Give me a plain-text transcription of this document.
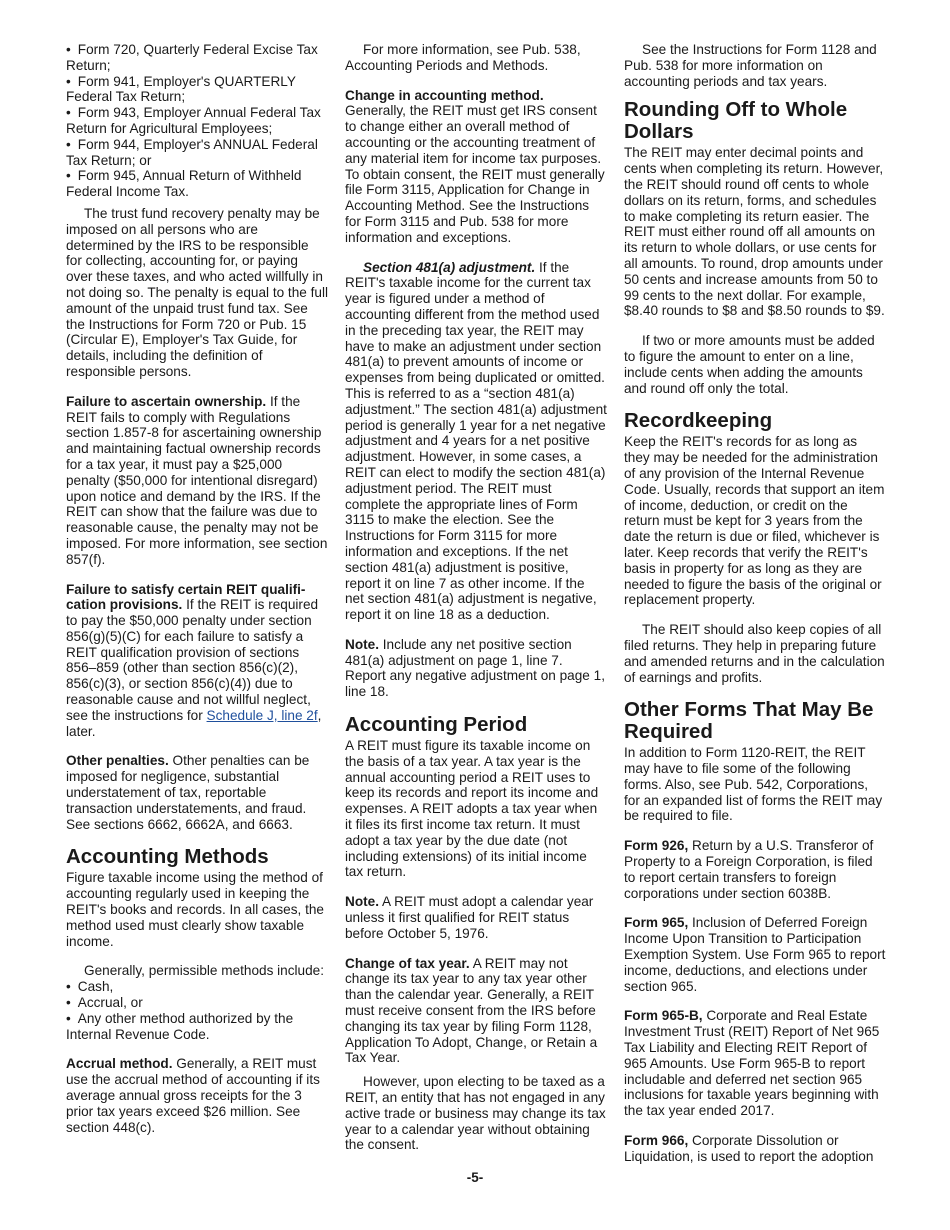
• Form 720, Quarterly Federal Excise Tax Return;

• Form 941, Employer's QUARTERLY Federal Tax Return;

• Form 943, Employer Annual Federal Tax Return for Agricultural Employees;

• Form 944, Employer's ANNUAL Federal Tax Return; or

• Form 945, Annual Return of Withheld Federal Income Tax.

The trust fund recovery penalty may be imposed on all persons who are determined by the IRS to be responsible for collecting, accounting for, or paying over these taxes, and who acted willfully in not doing so. The penalty is equal to the full amount of the unpaid trust fund tax. See the Instructions for Form 720 or Pub. 15 (Circular E), Employer's Tax Guide, for details, including the definition of responsible persons.

Failure to ascertain ownership. If the REIT fails to comply with Regulations section 1.857-8 for ascertaining ownership and maintaining factual ownership records for a tax year, it must pay a $25,000 penalty ($50,000 for intentional disregard) upon notice and demand by the IRS. If the REIT can show that the failure was due to reasonable cause, the penalty may not be imposed. For more information, see section 857(f).

Failure to satisfy certain REIT qualifi-cation provisions. If the REIT is required to pay the $50,000 penalty under section 856(g)(5)(C) for each failure to satisfy a REIT qualification provision of sections 856–859 (other than section 856(c)(2), 856(c)(3), or section 856(c)(4)) due to reasonable cause and not willful neglect, see the instructions for Schedule J, line 2f, later.

Other penalties. Other penalties can be imposed for negligence, substantial understatement of tax, reportable transaction understatements, and fraud. See sections 6662, 6662A, and 6663.

Accounting Methods

Figure taxable income using the method of accounting regularly used in keeping the REIT's books and records. In all cases, the method used must clearly show taxable income.

Generally, permissible methods include:

• Cash,

• Accrual, or

• Any other method authorized by the Internal Revenue Code.

Accrual method. Generally, a REIT must use the accrual method of accounting if its average annual gross receipts for the 3 prior tax years exceed $26 million. See section 448(c).

For more information, see Pub. 538, Accounting Periods and Methods.

Change in accounting method.
Generally, the REIT must get IRS consent to change either an overall method of accounting or the accounting treatment of any material item for income tax purposes. To obtain consent, the REIT must generally file Form 3115, Application for Change in Accounting Method. See the Instructions for Form 3115 and Pub. 538 for more information and exceptions.

Section 481(a) adjustment. If the REIT's taxable income for the current tax year is figured under a method of accounting different from the method used in the preceding tax year, the REIT may have to make an adjustment under section 481(a) to prevent amounts of income or expenses from being duplicated or omitted. This is referred to as a “section 481(a) adjustment.” The section 481(a) adjustment period is generally 1 year for a net negative adjustment and 4 years for a net positive adjustment. However, in some cases, a REIT can elect to modify the section 481(a) adjustment period. The REIT must complete the appropriate lines of Form 3115 to make the election. See the Instructions for Form 3115 for more information and exceptions. If the net section 481(a) adjustment is positive, report it on line 7 as other income. If the net section 481(a) adjustment is negative, report it on line 18 as a deduction.

Note. Include any net positive section 481(a) adjustment on page 1, line 7. Report any negative adjustment on page 1, line 18.

Accounting Period

A REIT must figure its taxable income on the basis of a tax year. A tax year is the annual accounting period a REIT uses to keep its records and report its income and expenses. A REIT adopts a tax year when it files its first income tax return. It must adopt a tax year by the due date (not including extensions) of its initial income tax return.

Note. A REIT must adopt a calendar year unless it first qualified for REIT status before October 5, 1976.

Change of tax year. A REIT may not change its tax year to any tax year other than the calendar year. Generally, a REIT must receive consent from the IRS before changing its tax year by filing Form 1128, Application To Adopt, Change, or Retain a Tax Year.

However, upon electing to be taxed as a REIT, an entity that has not engaged in any active trade or business may change its tax year to a calendar year without obtaining the consent.

See the Instructions for Form 1128 and Pub. 538 for more information on accounting periods and tax years.

Rounding Off to Whole Dollars

The REIT may enter decimal points and cents when completing its return. However, the REIT should round off cents to whole dollars on its return, forms, and schedules to make completing its return easier. The REIT must either round off all amounts on its return to whole dollars, or use cents for all amounts. To round, drop amounts under 50 cents and increase amounts from 50 to 99 cents to the next dollar. For example, $8.40 rounds to $8 and $8.50 rounds to $9.

If two or more amounts must be added to figure the amount to enter on a line, include cents when adding the amounts and round off only the total.

Recordkeeping

Keep the REIT's records for as long as they may be needed for the administration of any provision of the Internal Revenue Code. Usually, records that support an item of income, deduction, or credit on the return must be kept for 3 years from the date the return is due or filed, whichever is later. Keep records that verify the REIT's basis in property for as long as they are needed to figure the basis of the original or replacement property.

The REIT should also keep copies of all filed returns. They help in preparing future and amended returns and in the calculation of earnings and profits.

Other Forms That May Be Required

In addition to Form 1120-REIT, the REIT may have to file some of the following forms. Also, see Pub. 542, Corporations, for an expanded list of forms the REIT may be required to file.

Form 926, Return by a U.S. Transferor of Property to a Foreign Corporation, is filed to report certain transfers to foreign corporations under section 6038B.

Form 965, Inclusion of Deferred Foreign Income Upon Transition to Participation Exemption System. Use Form 965 to report income, deductions, and elections under section 965.

Form 965-B, Corporate and Real Estate Investment Trust (REIT) Report of Net 965 Tax Liability and Electing REIT Report of 965 Amounts. Use Form 965-B to report includable and deferred net section 965 inclusions for taxable years beginning with the tax year ended 2017.

Form 966, Corporate Dissolution or Liquidation, is used to report the adoption

-5-
